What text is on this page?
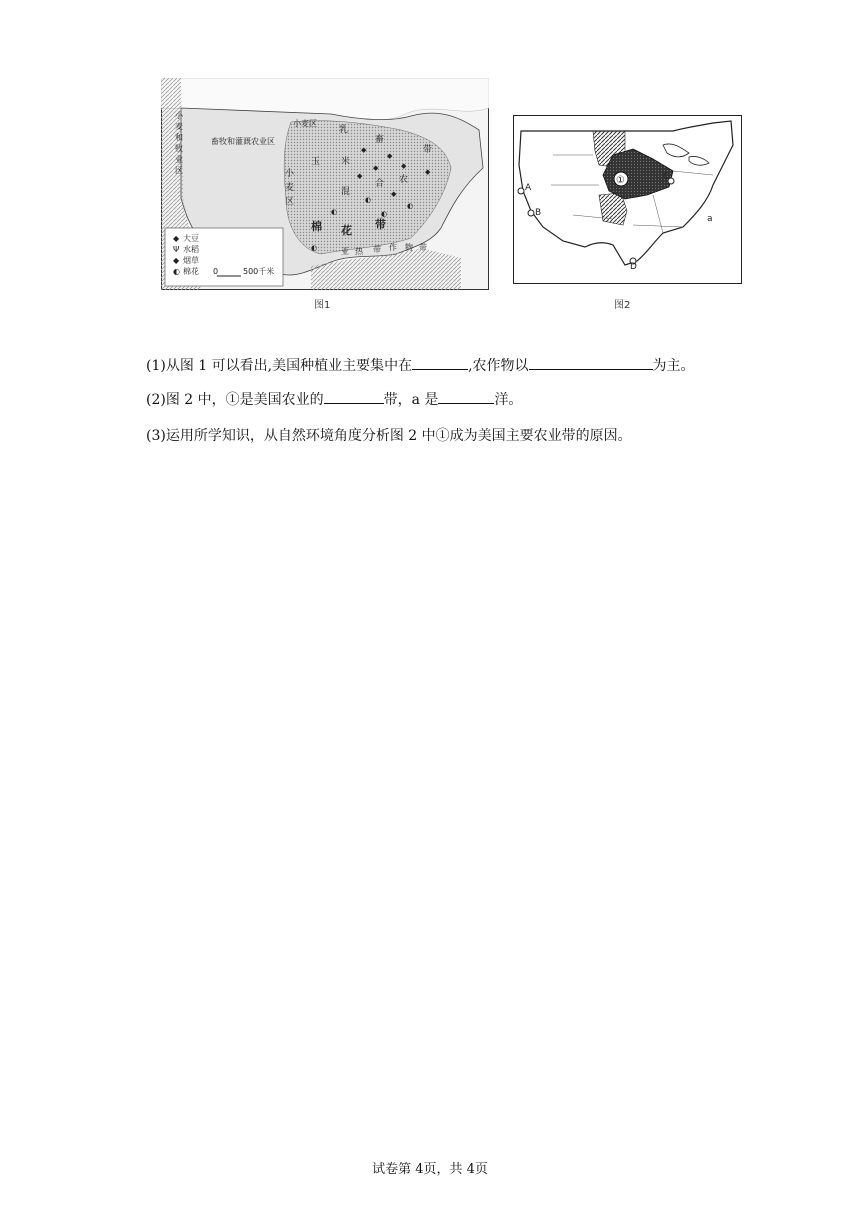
◆ 大豆
Ψ 水稻
◆ 烟草
◐ 棉花 0	500千米
畜牧和灌溉农业区
小
麦
和
牧
业
区
小麦区
小
麦
区
玉 米
乳
畜
带
混
合 农
棉 花 带
亚 热 带 作 物 带
◆
◆
◆
◆
◆
◆
◐
◐
◐	◐
◐
◆
图1
①
A
B
C
D
a
图2
(1)从图 1 可以看出,美国种植业主要集中在	,农作物以	为主。
(2)图 2 中，①是美国农业的	带，a 是	洋。
(3)运用所学知识，从自然环境角度分析图 2 中①成为美国主要农业带的原因。
试卷第 4页，共 4页
